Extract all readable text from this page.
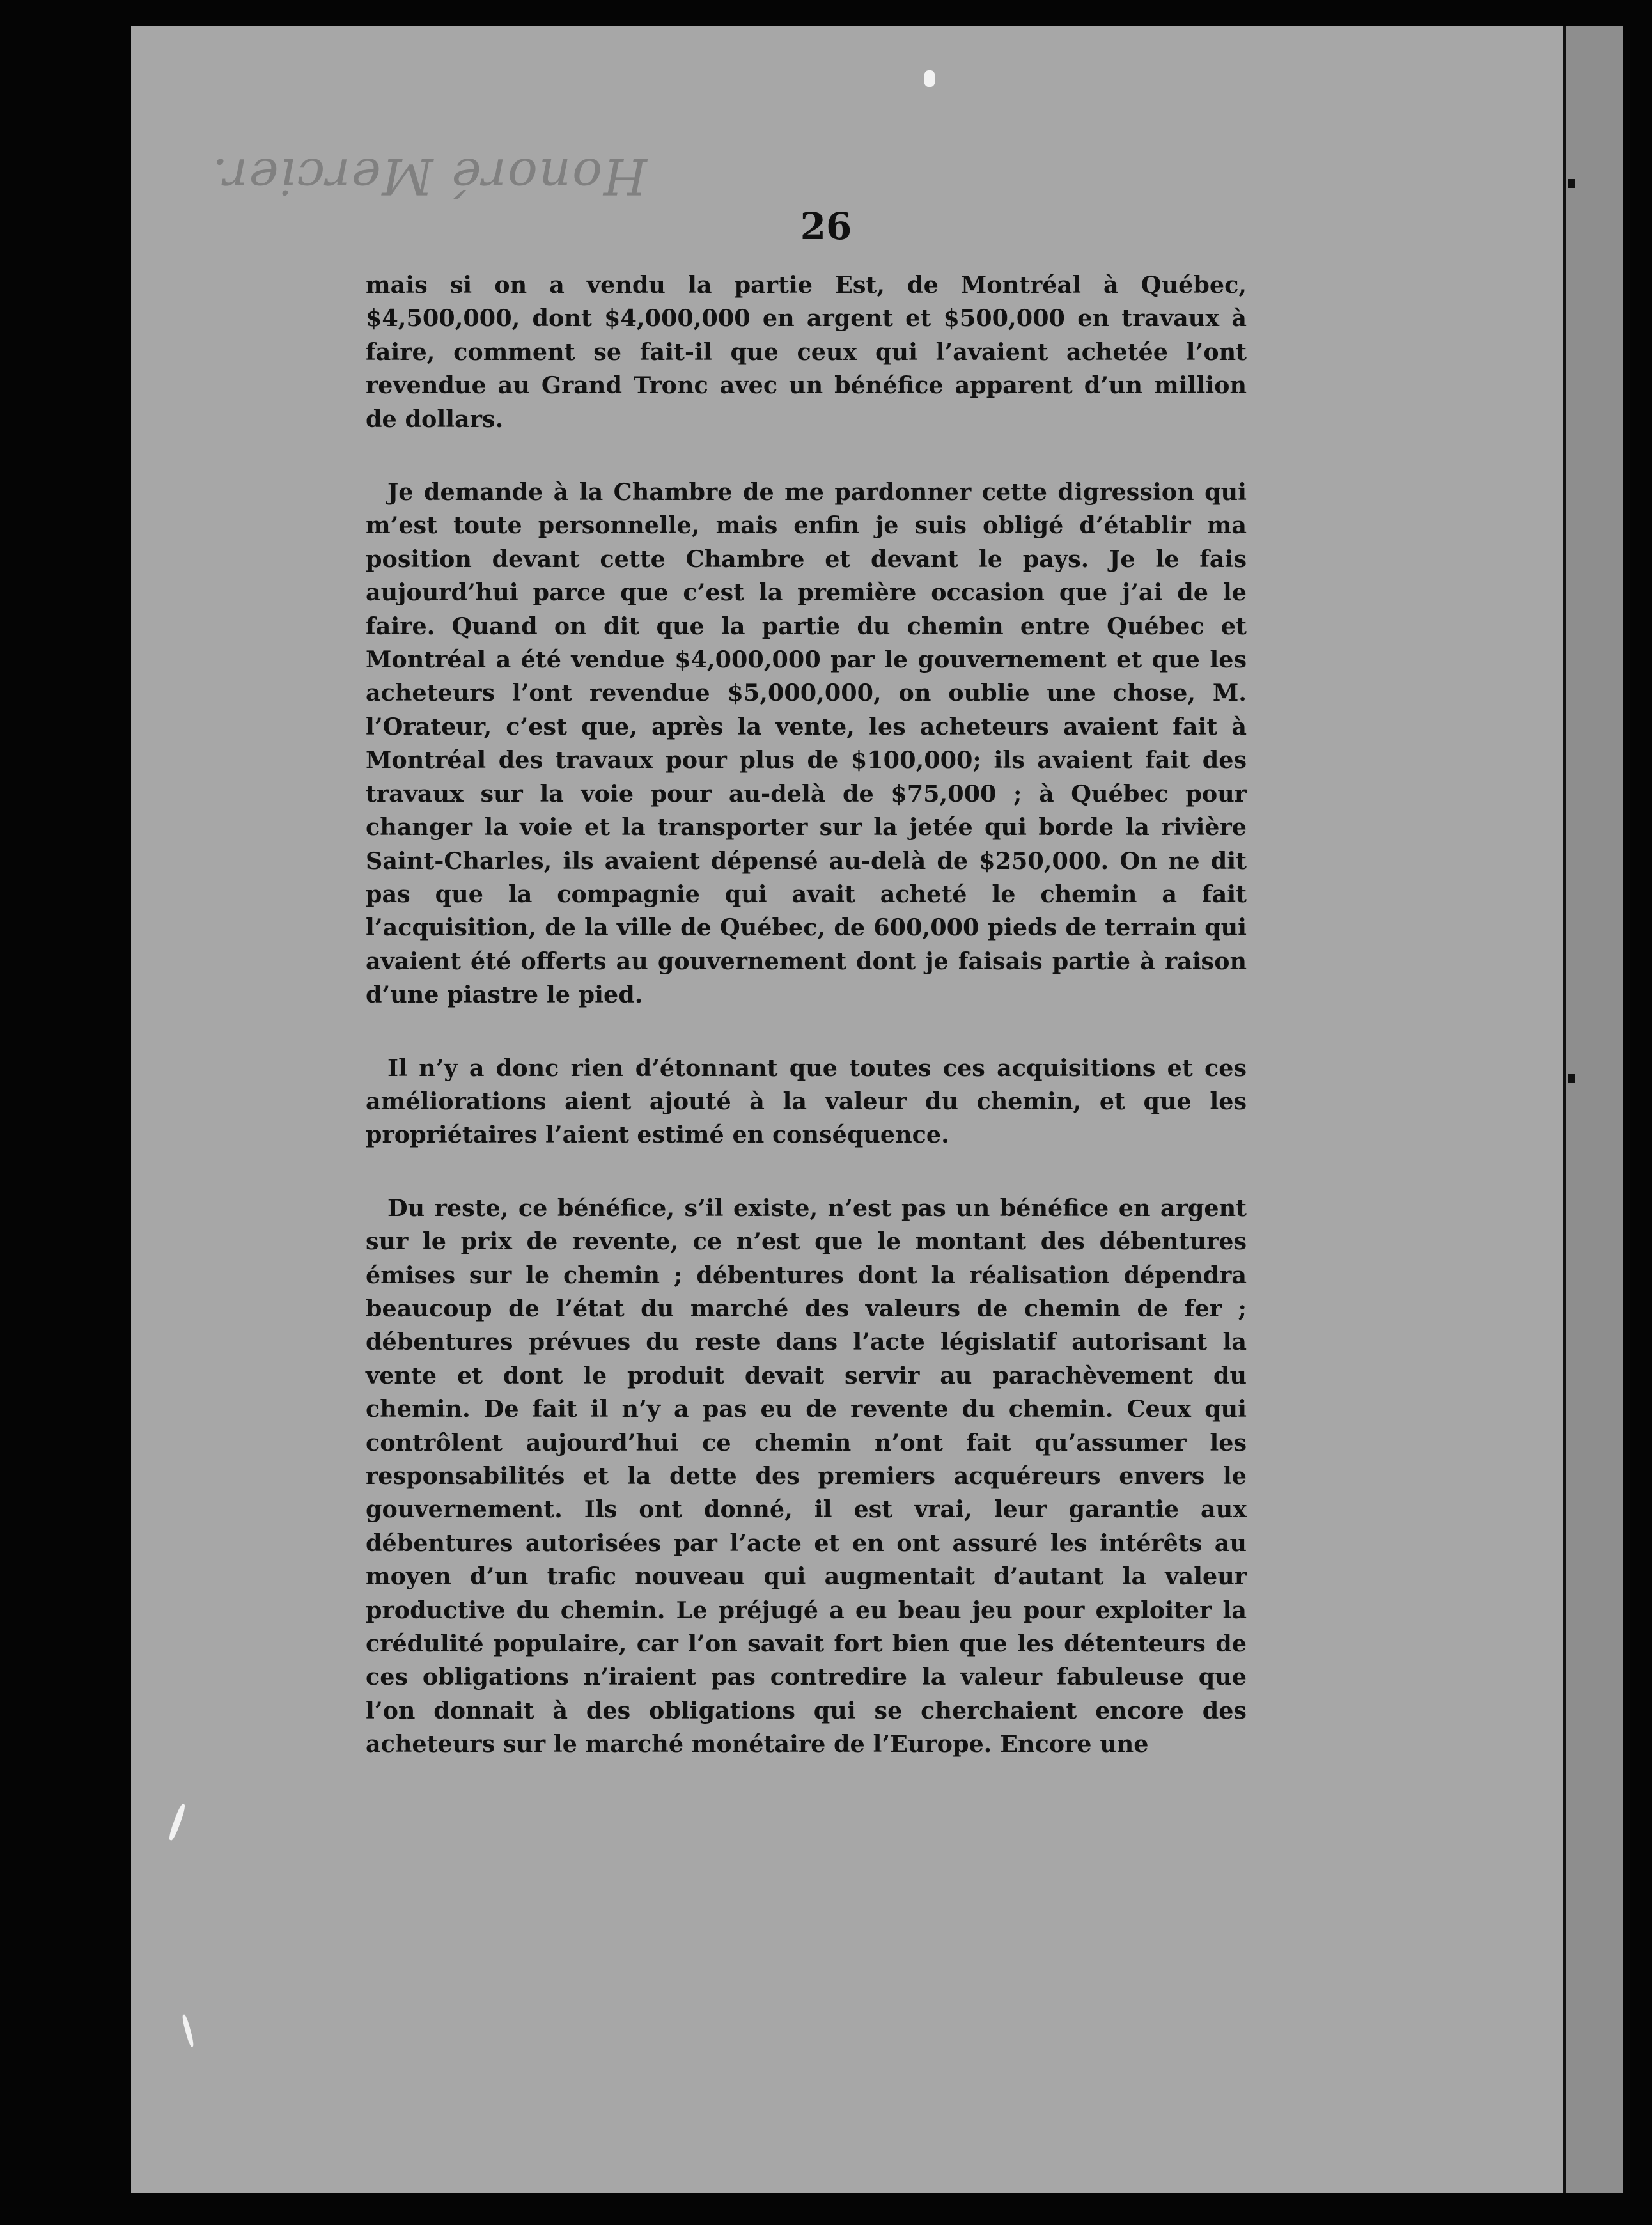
Honoré Mercier.
26

mais si on a vendu la partie Est, de Montréal à Québec, $4,500,000, dont $4,000,000 en argent et $500,000 en travaux à faire, comment se fait-il que ceux qui l’avaient achetée l’ont revendue au Grand Tronc avec un bénéfice apparent d’un million de dollars.

Je demande à la Chambre de me pardonner cette digression qui m’est toute personnelle, mais enfin je suis obligé d’établir ma position devant cette Chambre et devant le pays. Je le fais aujourd’hui parce que c’est la première occasion que j’ai de le faire. Quand on dit que la partie du chemin entre Québec et Montréal a été vendue $4,000,000 par le gouvernement et que les acheteurs l’ont revendue $5,000,000, on oublie une chose, M. l’Orateur, c’est que, après la vente, les acheteurs avaient fait à Montréal des travaux pour plus de $100,000; ils avaient fait des travaux sur la voie pour au-delà de $75,000 ; à Québec pour changer la voie et la transporter sur la jetée qui borde la rivière Saint-Charles, ils avaient dépensé au-delà de $250,000. On ne dit pas que la compagnie qui avait acheté le chemin a fait l’acquisition, de la ville de Québec, de 600,000 pieds de terrain qui avaient été offerts au gouvernement dont je faisais partie à raison d’une piastre le pied.

Il n’y a donc rien d’étonnant que toutes ces acquisitions et ces améliorations aient ajouté à la valeur du chemin, et que les propriétaires l’aient estimé en conséquence.

Du reste, ce bénéfice, s’il existe, n’est pas un bénéfice en argent sur le prix de revente, ce n’est que le montant des débentures émises sur le chemin ; débentures dont la réalisation dépendra beaucoup de l’état du marché des valeurs de chemin de fer ; débentures prévues du reste dans l’acte législatif autorisant la vente et dont le produit devait servir au parachèvement du chemin. De fait il n’y a pas eu de revente du chemin. Ceux qui contrôlent aujourd’hui ce chemin n’ont fait qu’assumer les responsabilités et la dette des premiers acquéreurs envers le gouvernement. Ils ont donné, il est vrai, leur garantie aux débentures autorisées par l’acte et en ont assuré les intérêts au moyen d’un trafic nouveau qui augmentait d’autant la valeur productive du chemin. Le préjugé a eu beau jeu pour exploiter la crédulité populaire, car l’on savait fort bien que les détenteurs de ces obligations n’iraient pas contredire la valeur fabuleuse que l’on donnait à des obligations qui se cherchaient encore des acheteurs sur le marché monétaire de l’Europe. Encore une
